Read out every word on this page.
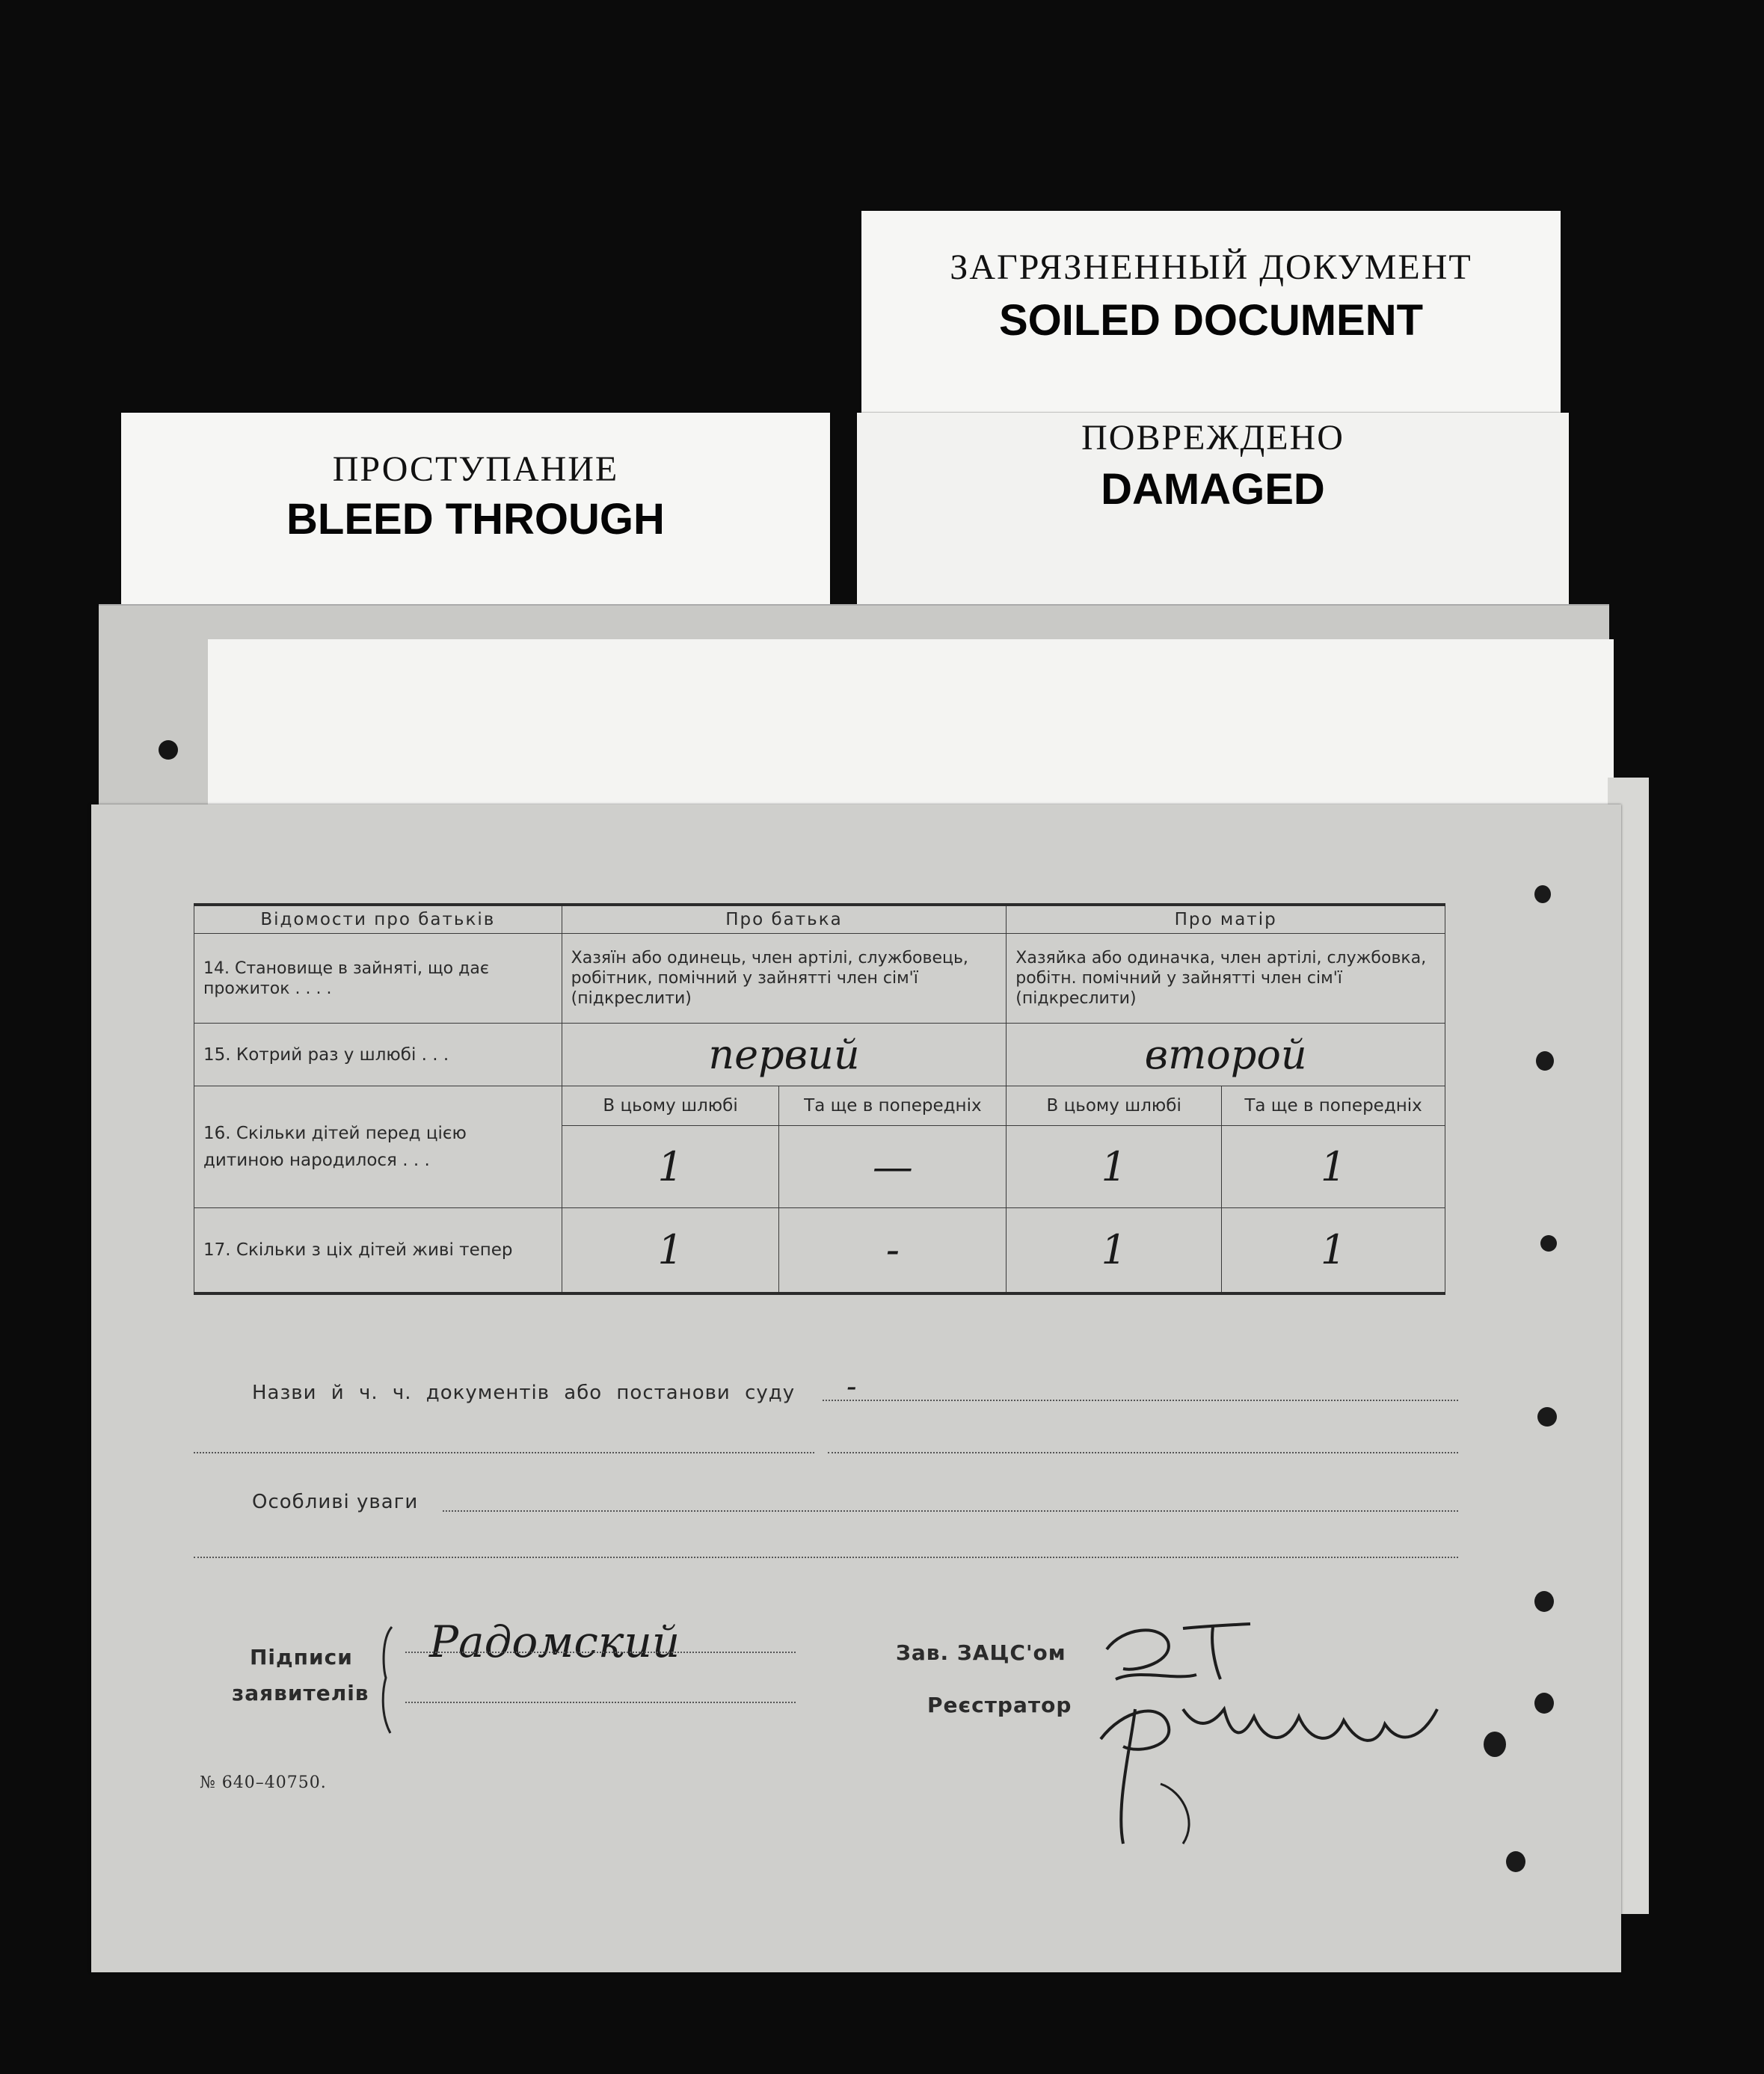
ЗАГРЯЗНЕННЫЙ ДОКУМЕНТ
SOILED DOCUMENT
ПОВРЕЖДЕНО
DAMAGED
ПРОСТУПАНИЕ
BLEED THROUGH
Відомости про батьків	Про батька		Про матір	
14. Становище в зайняті, що дає прожиток . . . .	Хазяїн або одинець, член артілі, службовець, робітник, помічний у зайнятті член сім'ї (підкреслити)		Хазяйка або одиначка, член артілі, службовка, робітн. помічний у зайнятті член сім'ї (підкреслити)	
15. Котрий раз у шлюбі . . .	первий		второй	
16. Скільки дітей перед цією дитиною народилося . . .	В цьому шлюбі	Та ще в попередніх	В цьому шлюбі	Та ще в попередніх
	1	—	1	1
17. Скільки з ціх дітей живі тепер	1	-	1	1
Назви й ч. ч. документів або постанови суду -
Особливі уваги
Підписи
заявителів
Радомский	Зав. ЗАЦС'ом
Реєстратор
№ 640–40750.
